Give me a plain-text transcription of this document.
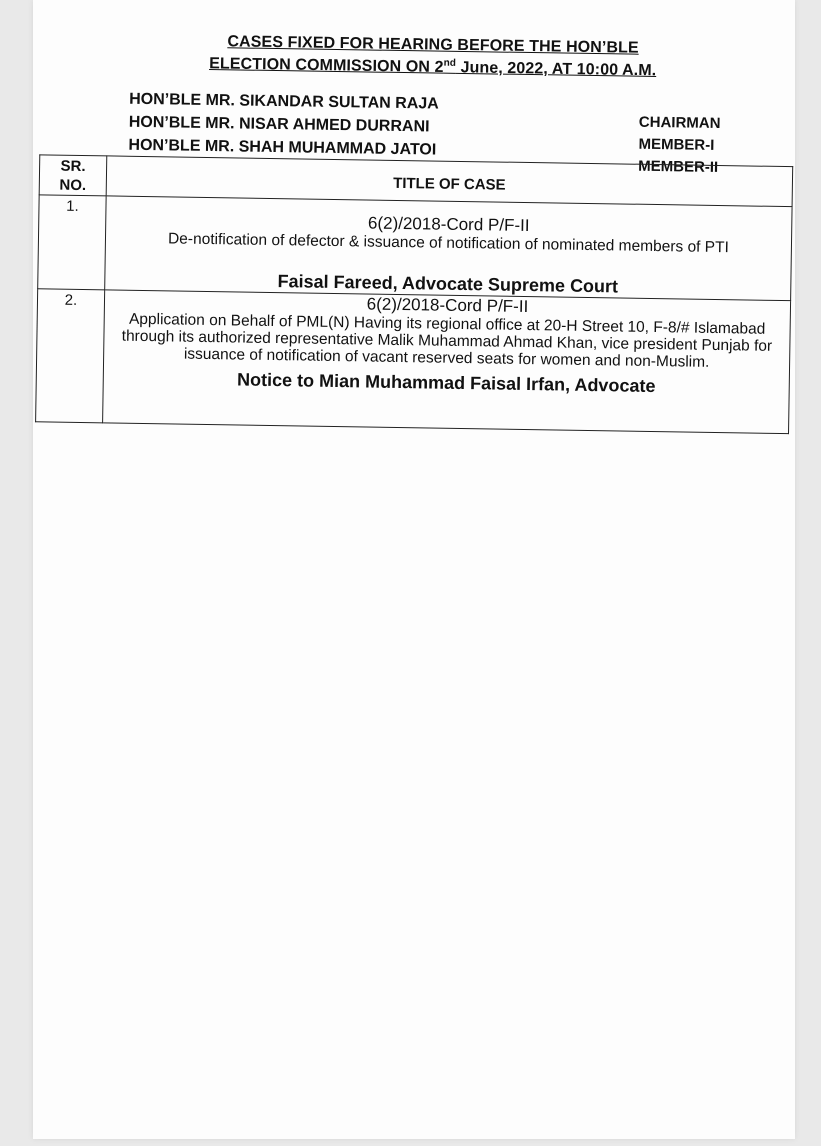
CASES FIXED FOR HEARING BEFORE THE HON’BLE
ELECTION COMMISSION ON 2nd June, 2022, AT 10:00 A.M.
HON’BLE MR. SIKANDAR SULTAN RAJA
HON’BLE MR. NISAR AHMED DURRANI
HON’BLE MR. SHAH MUHAMMAD JATOI
CHAIRMAN
MEMBER-I
MEMBER-II
SR.
NO.	TITLE OF CASE
1.	6(2)/2018-Cord P/F-II
De-notification of defector & issuance of notification of nominated members of PTI
Faisal Fareed, Advocate Supreme Court

2.	6(2)/2018-Cord P/F-II
Application on Behalf of PML(N) Having its regional office at 20-H Street 10, F-8/# Islamabad through its authorized representative Malik Muhammad Ahmad Khan, vice president Punjab for issuance of notification of vacant reserved seats for women and non-Muslim.
Notice to Mian Muhammad Faisal Irfan, Advocate
